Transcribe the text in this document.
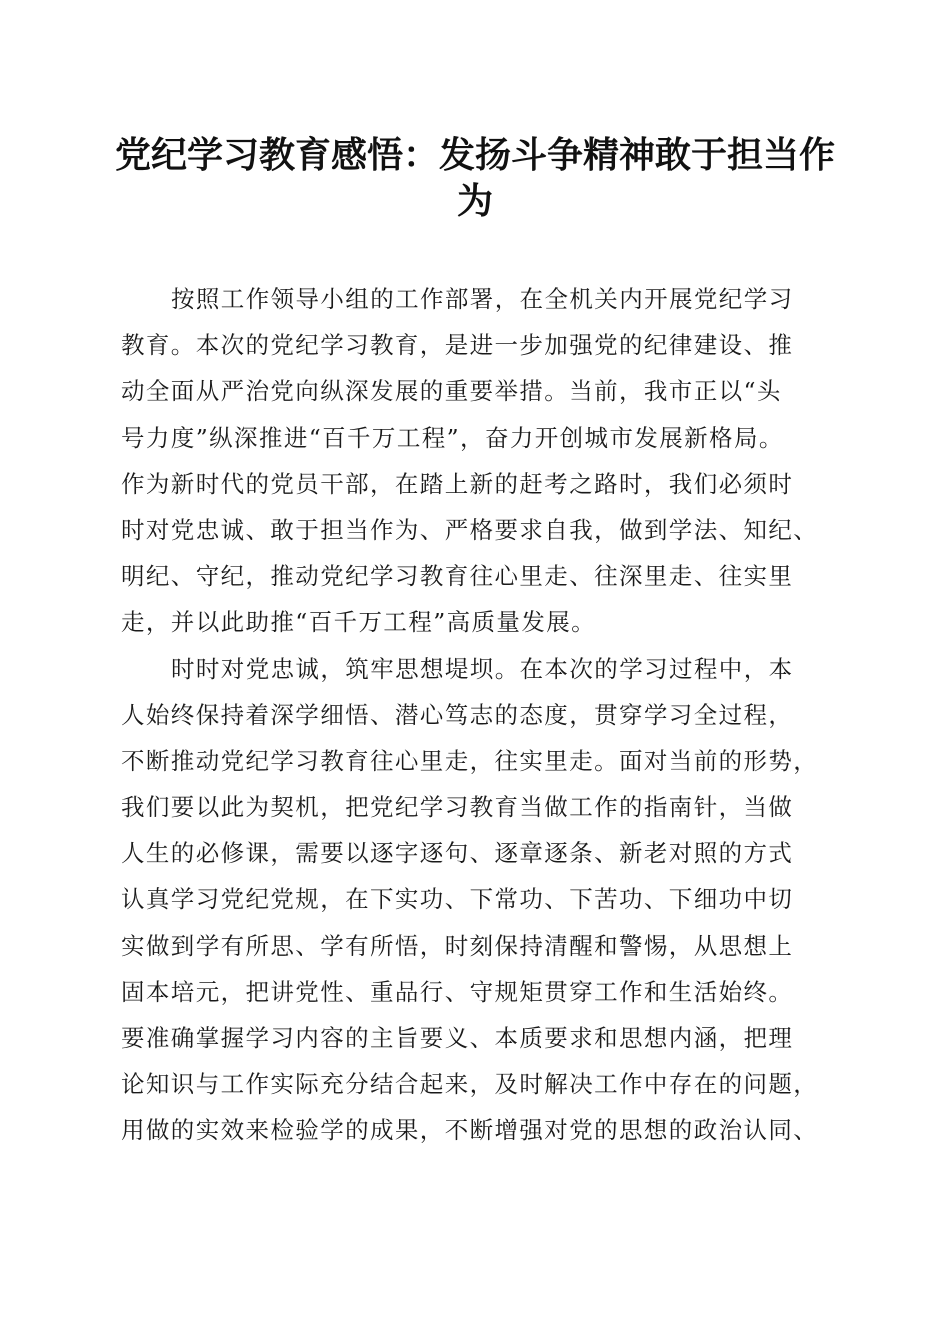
党纪学习教育感悟：发扬斗争精神敢于担当作
为
按照工作领导小组的工作部署，在全机关内开展党纪学习
教育。本次的党纪学习教育，是进一步加强党的纪律建设、推
动全面从严治党向纵深发展的重要举措。当前，我市正以“头
号力度”纵深推进“百千万工程”，奋力开创城市发展新格局。
作为新时代的党员干部，在踏上新的赶考之路时，我们必须时
时对党忠诚、敢于担当作为、严格要求自我，做到学法、知纪、
明纪、守纪，推动党纪学习教育往心里走、往深里走、往实里
走，并以此助推“百千万工程”高质量发展。
时时对党忠诚，筑牢思想堤坝。在本次的学习过程中，本
人始终保持着深学细悟、潜心笃志的态度，贯穿学习全过程，
不断推动党纪学习教育往心里走，往实里走。面对当前的形势，
我们要以此为契机，把党纪学习教育当做工作的指南针，当做
人生的必修课，需要以逐字逐句、逐章逐条、新老对照的方式
认真学习党纪党规，在下实功、下常功、下苦功、下细功中切
实做到学有所思、学有所悟，时刻保持清醒和警惕，从思想上
固本培元，把讲党性、重品行、守规矩贯穿工作和生活始终。
要准确掌握学习内容的主旨要义、本质要求和思想内涵，把理
论知识与工作实际充分结合起来，及时解决工作中存在的问题，
用做的实效来检验学的成果，不断增强对党的思想的政治认同、
